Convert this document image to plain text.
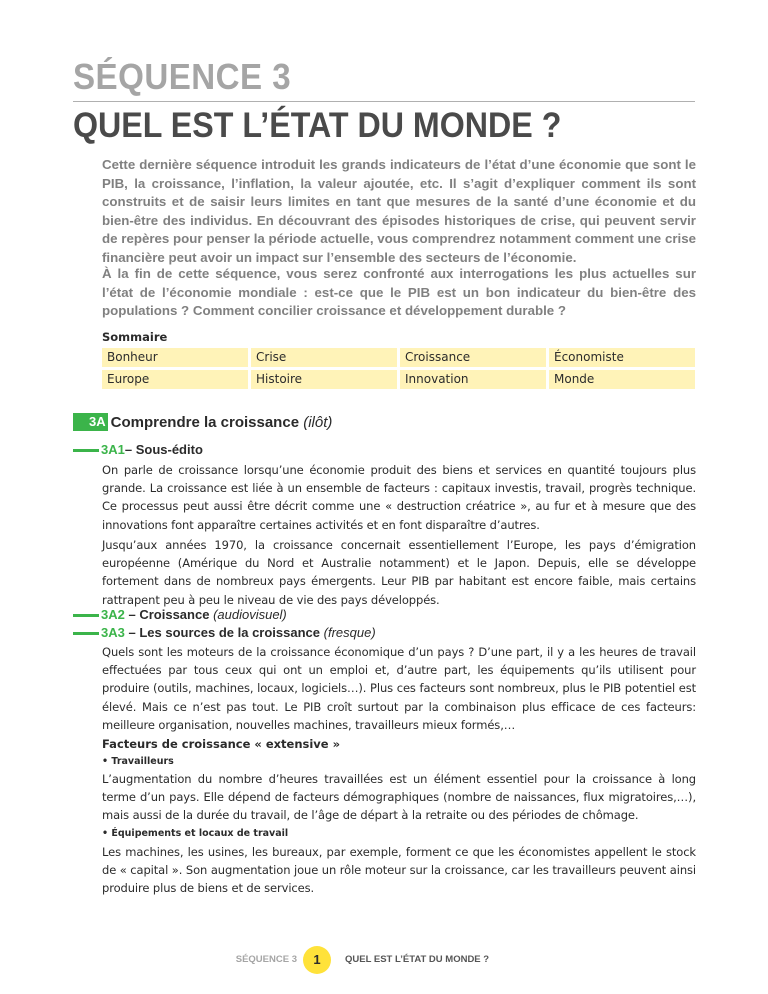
SÉQUENCE 3
QUEL EST L’ÉTAT DU MONDE ?

Cette dernière séquence introduit les grands indicateurs de l’état d’une économie que sont le PIB, la croissance, l’inflation, la valeur ajoutée, etc. Il s’agit d’expliquer comment ils sont construits et de saisir leurs limites en tant que mesures de la santé d’une économie et du bien-être des individus. En découvrant des épisodes historiques de crise, qui peuvent servir de repères pour penser la période actuelle, vous comprendrez notamment comment une crise financière peut avoir un impact sur l’ensemble des secteurs de l’économie.

À la fin de cette séquence, vous serez confronté aux interrogations les plus actuelles sur l’état de l’économie mondiale : est-ce que le PIB est un bon indicateur du bien-être des populations ? Comment concilier croissance et développement durable ?

Sommaire
Bonheur	Crise	Croissance	Économiste
Europe	Histoire	Innovation	Monde
3A Comprendre la croissance (ilôt)
3A1– Sous-édito

On parle de croissance lorsqu’une économie produit des biens et services en quantité toujours plus grande. La croissance est liée à un ensemble de facteurs : capitaux investis, travail, progrès technique. Ce processus peut aussi être décrit comme une « destruction créatrice », au fur et à mesure que des innovations font apparaître certaines activités et en font disparaître d’autres.

Jusqu’aux années 1970, la croissance concernait essentiellement l’Europe, les pays d’émigration européenne (Amérique du Nord et Australie notamment) et le Japon. Depuis, elle se développe fortement dans de nombreux pays émergents. Leur PIB par habitant est encore faible, mais certains rattrapent peu à peu le niveau de vie des pays développés.

3A2 – Croissance (audiovisuel)
3A3 – Les sources de la croissance (fresque)

Quels sont les moteurs de la croissance économique d’un pays ? D’une part, il y a les heures de travail effectuées par tous ceux qui ont un emploi et, d’autre part, les équipements qu’ils utilisent pour produire (outils, machines, locaux, logiciels…). Plus ces facteurs sont nombreux, plus le PIB potentiel est élevé. Mais ce n’est pas tout. Le PIB croît surtout par la combinaison plus efficace de ces facteurs: meilleure organisation, nouvelles machines, travailleurs mieux formés,…

Facteurs de croissance « extensive »
• Travailleurs

L’augmentation du nombre d’heures travaillées est un élément essentiel pour la croissance à long terme d’un pays. Elle dépend de facteurs démographiques (nombre de naissances, flux migratoires,…), mais aussi de la durée du travail, de l’âge de départ à la retraite ou des périodes de chômage.

• Équipements et locaux de travail

Les machines, les usines, les bureaux, par exemple, forment ce que les économistes appellent le stock de « capital ». Son augmentation joue un rôle moteur sur la croissance, car les travailleurs peuvent ainsi produire plus de biens et de services.

SÉQUENCE 3	1	QUEL EST L’ÉTAT DU MONDE ?
